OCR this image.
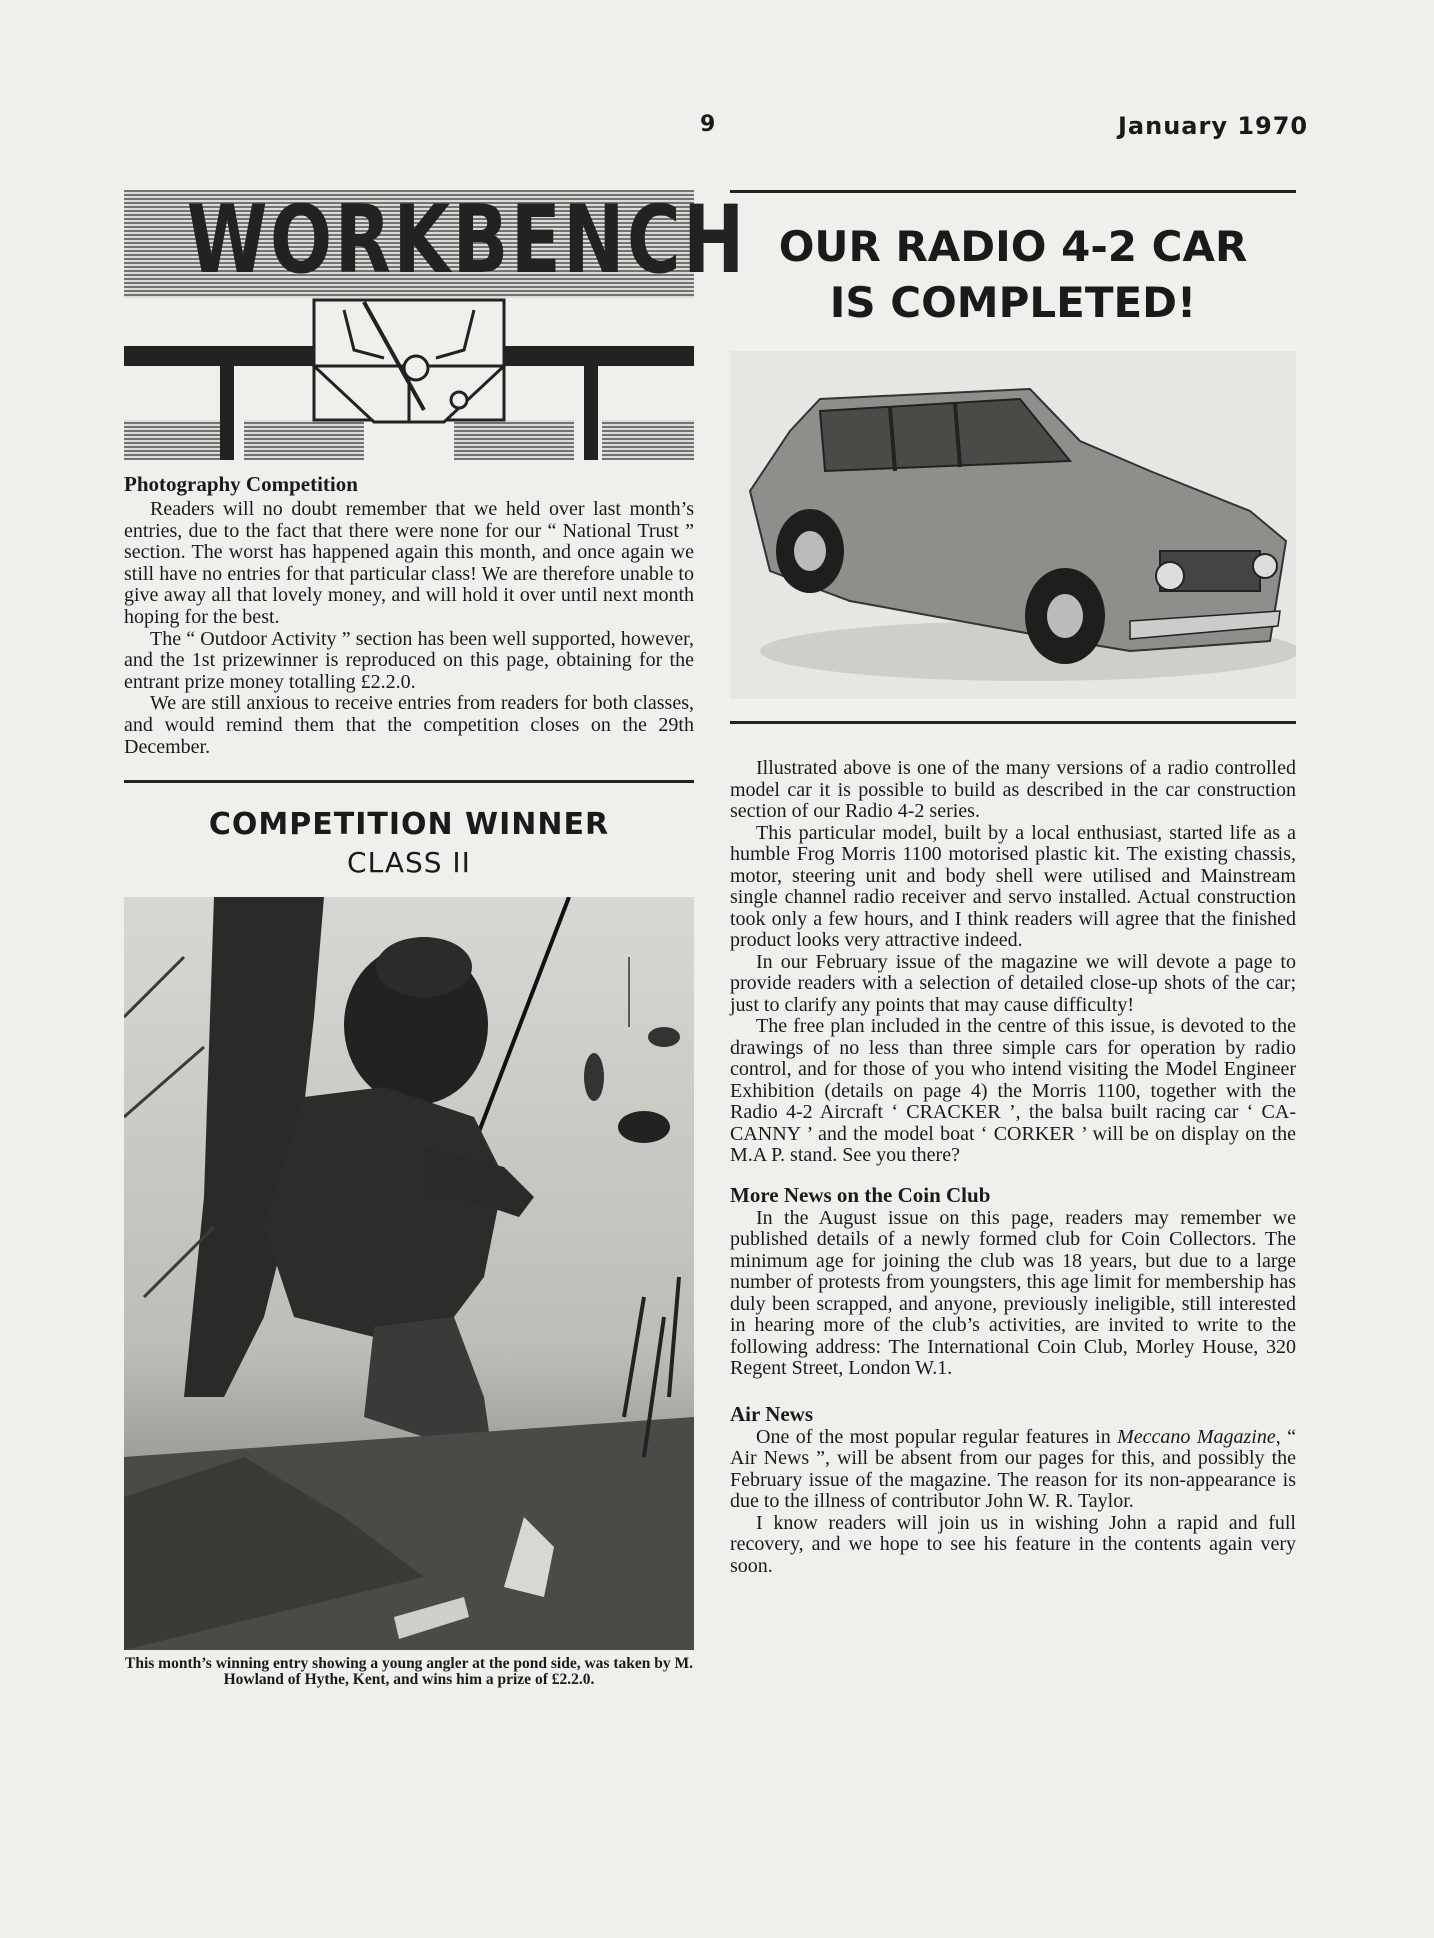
9	January 1970
WORKBENCH
Photography Competition

Readers will no doubt remember that we held over last month’s entries, due to the fact that there were none for our “ National Trust ” section. The worst has happened again this month, and once again we still have no entries for that particular class! We are therefore unable to give away all that lovely money, and will hold it over until next month hoping for the best.

The “ Outdoor Activity ” section has been well supported, however, and the 1st prizewinner is reproduced on this page, obtaining for the entrant prize money totalling £2.2.0.

We are still anxious to receive entries from readers for both classes, and would remind them that the competition closes on the 29th December.

COMPETITION WINNER
CLASS II
This month’s winning entry showing a young angler at the pond side, was taken by M. Howland of Hythe, Kent, and wins him a prize of £2.2.0.
OUR RADIO 4-2 CAR
IS COMPLETED!

Illustrated above is one of the many versions of a radio controlled model car it is possible to build as described in the car construction section of our Radio 4-2 series.

This particular model, built by a local enthusiast, started life as a humble Frog Morris 1100 motorised plastic kit. The existing chassis, motor, steering unit and body shell were utilised and Mainstream single channel radio receiver and servo installed. Actual construction took only a few hours, and I think readers will agree that the finished product looks very attractive indeed.

In our February issue of the magazine we will devote a page to provide readers with a selection of detailed close-up shots of the car; just to clarify any points that may cause difficulty!

The free plan included in the centre of this issue, is devoted to the drawings of no less than three simple cars for operation by radio control, and for those of you who intend visiting the Model Engineer Exhibition (details on page 4) the Morris 1100, together with the Radio 4-2 Aircraft ‘ CRACKER ’, the balsa built racing car ‘ CA-CANNY ’ and the model boat ‘ CORKER ’ will be on display on the M.A P. stand. See you there?

More News on the Coin Club

In the August issue on this page, readers may remember we published details of a newly formed club for Coin Collectors. The minimum age for joining the club was 18 years, but due to a large number of protests from youngsters, this age limit for membership has duly been scrapped, and anyone, previously ineligible, still interested in hearing more of the club’s activities, are invited to write to the following address: The International Coin Club, Morley House, 320 Regent Street, London W.1.

Air News

One of the most popular regular features in Meccano Magazine, “ Air News ”, will be absent from our pages for this, and possibly the February issue of the magazine. The reason for its non-appearance is due to the illness of contributor John W. R. Taylor.

I know readers will join us in wishing John a rapid and full recovery, and we hope to see his feature in the contents again very soon.
